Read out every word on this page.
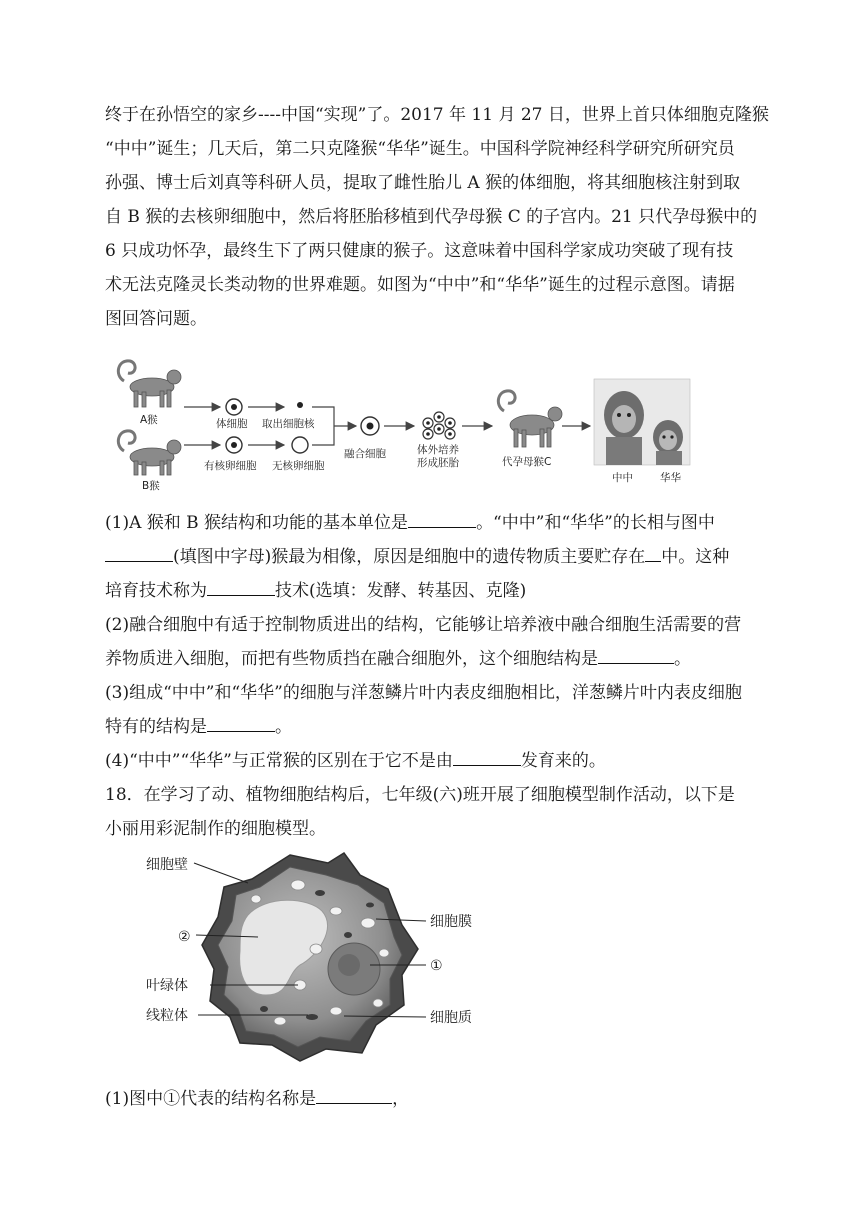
终于在孙悟空的家乡----中国“实现”了。2017 年 11 月 27 日，世界上首只体细胞克隆猴
“中中”诞生；几天后，第二只克隆猴“华华”诞生。中国科学院神经科学研究所研究员
孙强、博士后刘真等科研人员，提取了雌性胎儿 A 猴的体细胞，将其细胞核注射到取
自 B 猴的去核卵细胞中，然后将胚胎移植到代孕母猴 C 的子宫内。21 只代孕母猴中的
6 只成功怀孕，最终生下了两只健康的猴子。这意味着中国科学家成功突破了现有技
术无法克隆灵长类动物的世界难题。如图为“中中”和“华华”诞生的过程示意图。请据
图回答问题。
A猴
B猴
体细胞 取出细胞核
有核卵细胞 无核卵细胞
融合细胞	体外培养
形成胚胎	代孕母猴C
中中	华华
(1)A 猴和 B 猴结构和功能的基本单位是	。“中中”和“华华”的长相与图中
(填图中字母)猴最为相像，原因是细胞中的遗传物质主要贮存在 中。这种
培育技术称为	技术(选填：发酵、转基因、克隆)
(2)融合细胞中有适于控制物质进出的结构，它能够让培养液中融合细胞生活需要的营
养物质进入细胞，而把有些物质挡在融合细胞外，这个细胞结构是	。
(3)组成“中中”和“华华”的细胞与洋葱鳞片叶内表皮细胞相比，洋葱鳞片叶内表皮细胞
特有的结构是	。
(4)“中中”“华华”与正常猴的区别在于它不是由	发育来的。
18．在学习了动、植物细胞结构后，七年级(六)班开展了细胞模型制作活动，以下是
小丽用彩泥制作的细胞模型。
细胞壁
②
叶绿体
线粒体
细胞膜
①
细胞质
(1)图中①代表的结构名称是	，
